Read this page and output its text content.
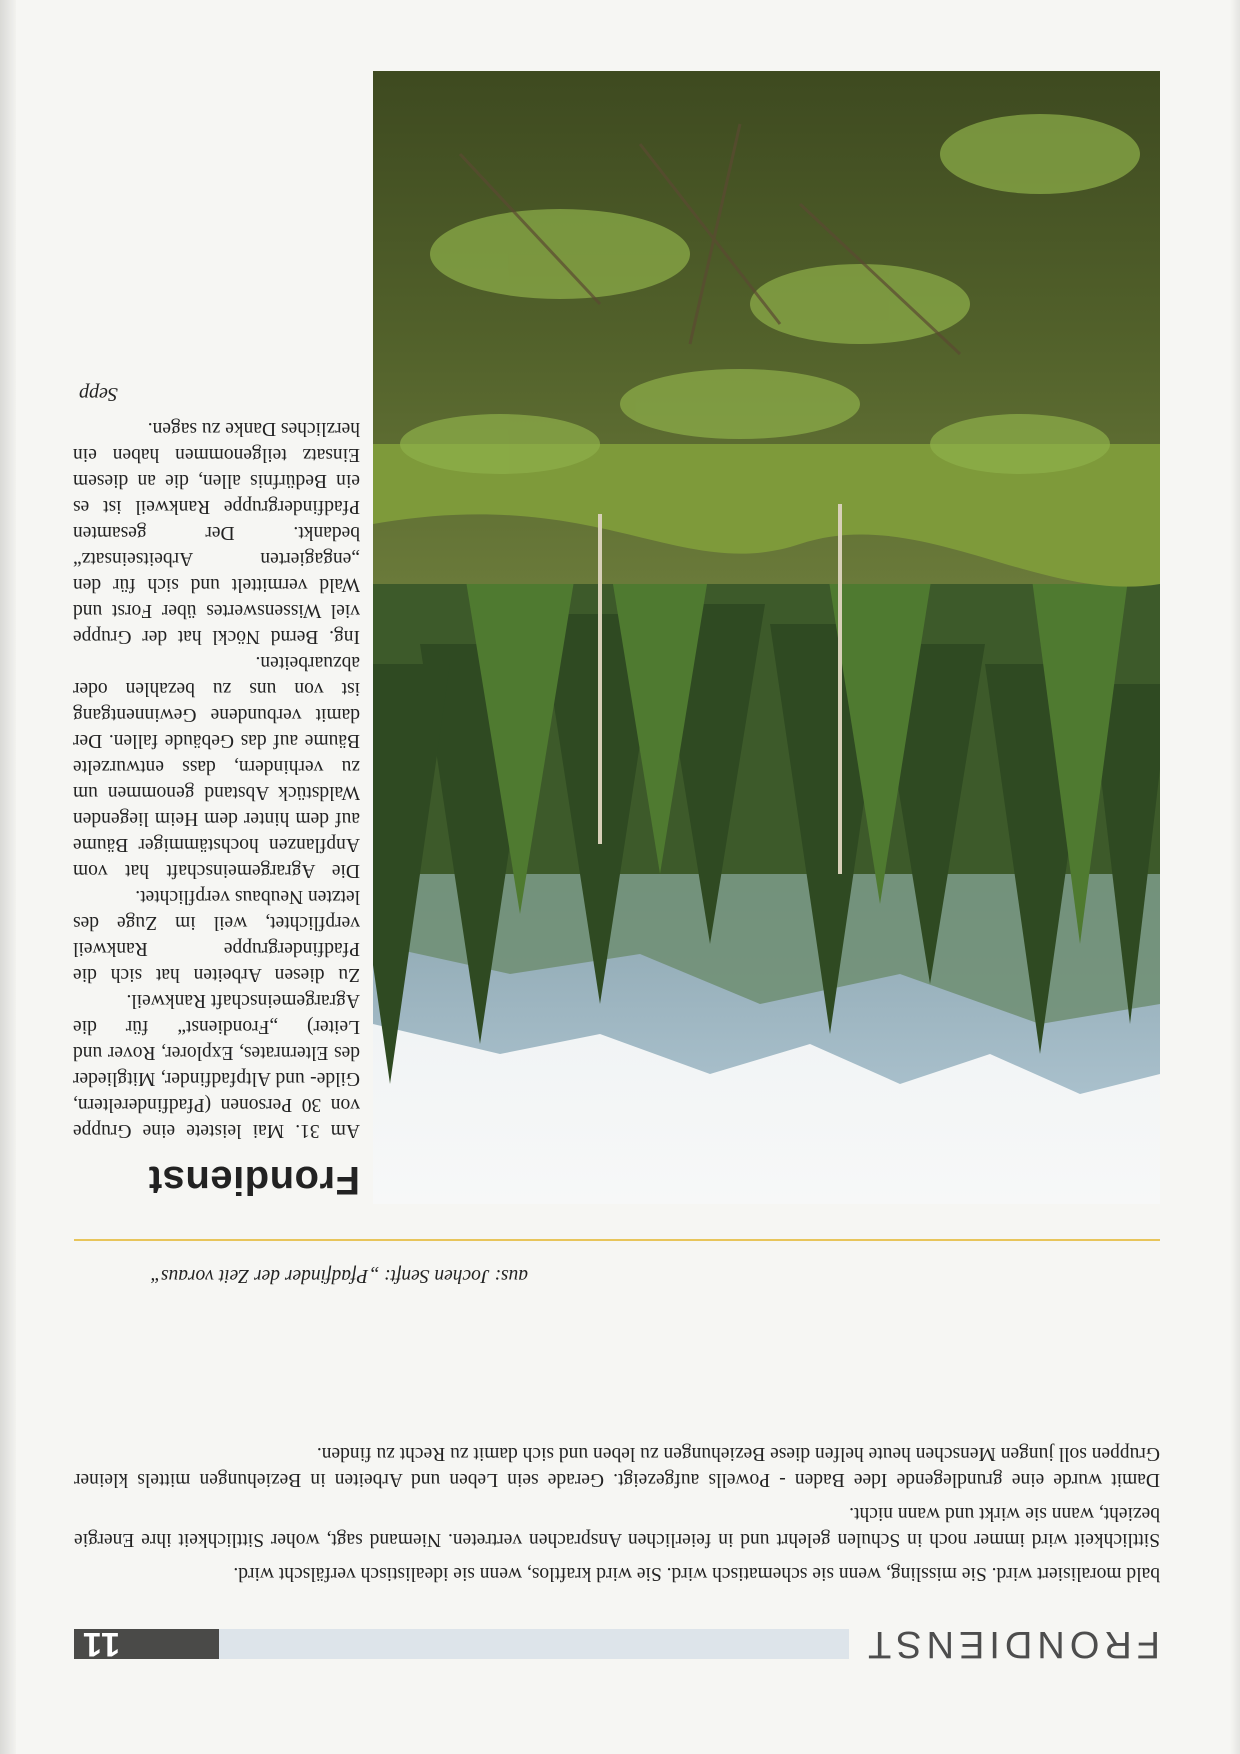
FRONDIENST
11

bald moralisiert wird. Sie missling, wenn sie schematisch wird. Sie wird kraftlos, wenn sie idealistisch verfälscht wird.

Sittlichkeit wird immer noch in Schulen gelehrt und in feierlichen Ansprachen vertreten. Niemand sagt, woher Sittlichkeit ihre Energie bezieht, wann sie wirkt und wann nicht.

Damit wurde eine grundlegende Idee Baden - Powells aufgezeigt. Gerade sein Leben und Arbeiten in Beziehungen mittels kleiner Gruppen soll jungen Menschen heute helfen diese Beziehungen zu leben und sich damit zu Recht zu finden.

aus: Jochen Senft: „Pfadfinder der Zeit voraus“
Frondienst

Am 31. Mai leistete eine Gruppe von 30 Personen (Pfadfindereltern, Gilde- und Altpfadfinder, Mitglieder des Elternrates, Explorer, Rover und Leiter) „Frondienst“ für die Agrargemeinschaft Rankweil.

Zu diesen Arbeiten hat sich die Pfadfindergruppe Rankweil verpflichtet, weil im Zuge des letzten Neubaus verpflichtet.

Die Agrargemeinschaft hat vom Anpflanzen hochstämmiger Bäume auf dem hinter dem Heim liegenden Waldstück Abstand genommen um zu verhindern, dass entwurzelte Bäume auf das Gebäude fallen. Der damit verbundene Gewinnentgang ist von uns zu bezahlen oder abzuarbeiten.

Ing. Bernd Nöckl hat der Gruppe viel Wissenswertes über Forst und Wald vermittelt und sich für den „engagierten Arbeitseinsatz“ bedankt. Der gesamten Pfadfindergruppe Rankweil ist es ein Bedürfnis allen, die an diesem Einsatz teilgenommen haben ein herzliches Danke zu sagen.

Sepp
